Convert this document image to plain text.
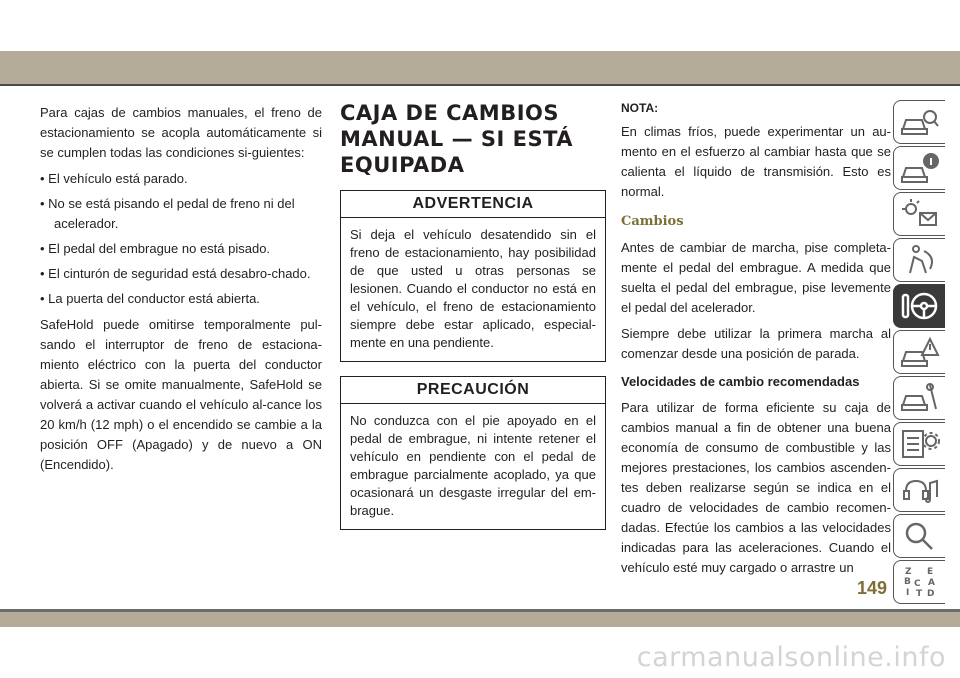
Para cajas de cambios manuales, el freno de estacionamiento se acopla automáticamente si se cumplen todas las condiciones si-guientes:

• El vehículo está parado.
• No se está pisando el pedal de freno ni del acelerador.
• El pedal del embrague no está pisado.
• El cinturón de seguridad está desabro-chado.
• La puerta del conductor está abierta.

SafeHold puede omitirse temporalmente pul-sando el interruptor de freno de estaciona-miento eléctrico con la puerta del conductor abierta. Si se omite manualmente, SafeHold se volverá a activar cuando el vehículo al-cance los 20 km/h (12 mph) o el encendido se cambie a la posición OFF (Apagado) y de nuevo a ON (Encendido).

CAJA DE CAMBIOS
MANUAL — SI ESTÁ
EQUIPADA
ADVERTENCIA
Si deja el vehículo desatendido sin el freno de estacionamiento, hay posibilidad de que usted u otras personas se lesionen. Cuando el conductor no está en el vehículo, el freno de estacionamiento siempre debe estar aplicado, especial-mente en una pendiente.
PRECAUCIÓN
No conduzca con el pie apoyado en el pedal de embrague, ni intente retener el vehículo en pendiente con el pedal de embrague parcialmente acoplado, ya que ocasionará un desgaste irregular del em-brague.

NOTA:

En climas fríos, puede experimentar un au-mento en el esfuerzo al cambiar hasta que se calienta el líquido de transmisión. Esto es normal.

Cambios

Antes de cambiar de marcha, pise completa-mente el pedal del embrague. A medida que suelta el pedal del embrague, pise levemente el pedal del acelerador.

Siempre debe utilizar la primera marcha al comenzar desde una posición de parada.

Velocidades de cambio recomendadas

Para utilizar de forma eficiente su caja de cambios manual a fin de obtener una buena economía de consumo de combustible y las mejores prestaciones, los cambios ascenden-tes deben realizarse según se indica en el cuadro de velocidades de cambio recomen-dadas. Efectúe los cambios a las velocidades indicadas para las aceleraciones. Cuando el vehículo esté muy cargado o arrastre un	Z E
B A
C
I T D
149
carmanualsonline.info
